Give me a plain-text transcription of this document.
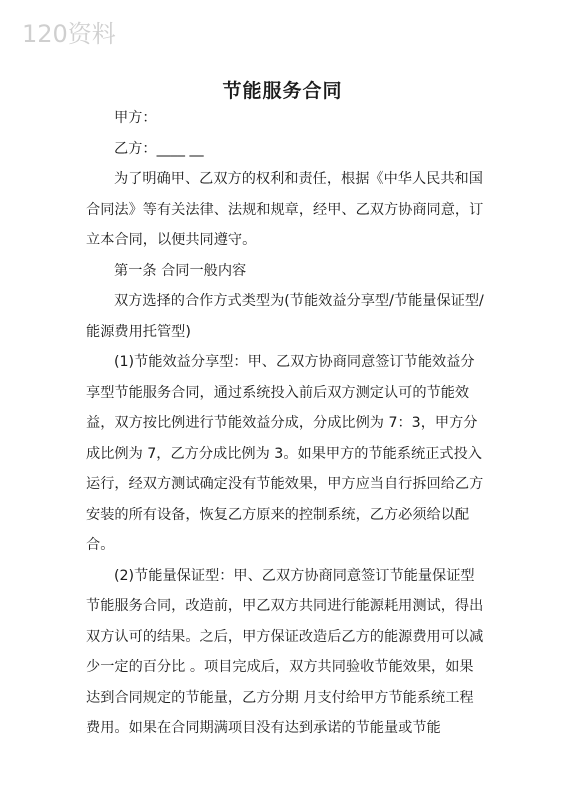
120资料
节能服务合同

甲方：

乙方：____ __

为了明确甲、乙双方的权利和责任，根据《中华人民共和国合同法》等有关法律、法规和规章，经甲、乙双方协商同意，订立本合同，以便共同遵守。

第一条 合同一般内容

双方选择的合作方式类型为(节能效益分享型/节能量保证型/能源费用托管型)

(1)节能效益分享型：甲、乙双方协商同意签订节能效益分享型节能服务合同，通过系统投入前后双方测定认可的节能效益，双方按比例进行节能效益分成，分成比例为 7：3，甲方分成比例为 7，乙方分成比例为 3。如果甲方的节能系统正式投入运行，经双方测试确定没有节能效果，甲方应当自行拆回给乙方安装的所有设备，恢复乙方原来的控制系统，乙方必须给以配合。

(2)节能量保证型：甲、乙双方协商同意签订节能量保证型节能服务合同，改造前，甲乙双方共同进行能源耗用测试，得出双方认可的结果。之后，甲方保证改造后乙方的能源费用可以减少一定的百分比 。项目完成后，双方共同验收节能效果，如果达到合同规定的节能量，乙方分期 月支付给甲方节能系统工程费用。如果在合同期满项目没有达到承诺的节能量或节能
